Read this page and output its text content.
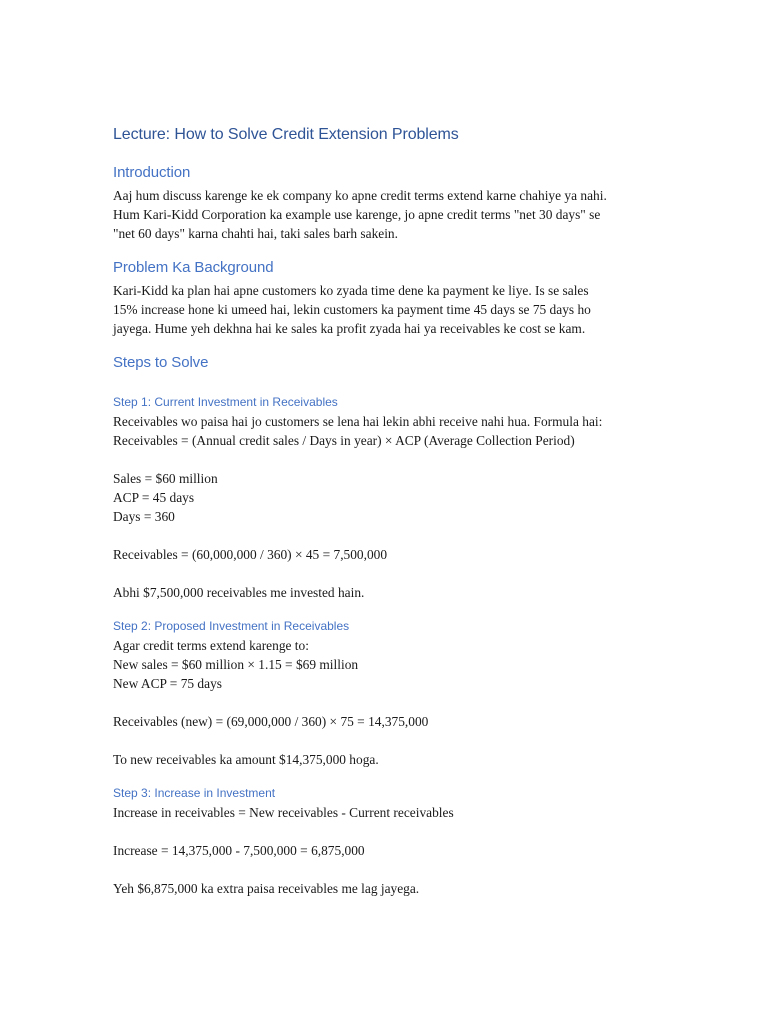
Lecture: How to Solve Credit Extension Problems
Introduction

Aaj hum discuss karenge ke ek company ko apne credit terms extend karne chahiye ya nahi.

Hum Kari-Kidd Corporation ka example use karenge, jo apne credit terms "net 30 days" se

"net 60 days" karna chahti hai, taki sales barh sakein.

Problem Ka Background

Kari-Kidd ka plan hai apne customers ko zyada time dene ka payment ke liye. Is se sales

15% increase hone ki umeed hai, lekin customers ka payment time 45 days se 75 days ho

jayega. Hume yeh dekhna hai ke sales ka profit zyada hai ya receivables ke cost se kam.

Steps to Solve
Step 1: Current Investment in Receivables

Receivables wo paisa hai jo customers se lena hai lekin abhi receive nahi hua. Formula hai:

Receivables = (Annual credit sales / Days in year) × ACP (Average Collection Period)

Sales = $60 million

ACP = 45 days

Days = 360

Receivables = (60,000,000 / 360) × 45 = 7,500,000

Abhi $7,500,000 receivables me invested hain.

Step 2: Proposed Investment in Receivables

Agar credit terms extend karenge to:

New sales = $60 million × 1.15 = $69 million

New ACP = 75 days

Receivables (new) = (69,000,000 / 360) × 75 = 14,375,000

To new receivables ka amount $14,375,000 hoga.

Step 3: Increase in Investment

Increase in receivables = New receivables - Current receivables

Increase = 14,375,000 - 7,500,000 = 6,875,000

Yeh $6,875,000 ka extra paisa receivables me lag jayega.
